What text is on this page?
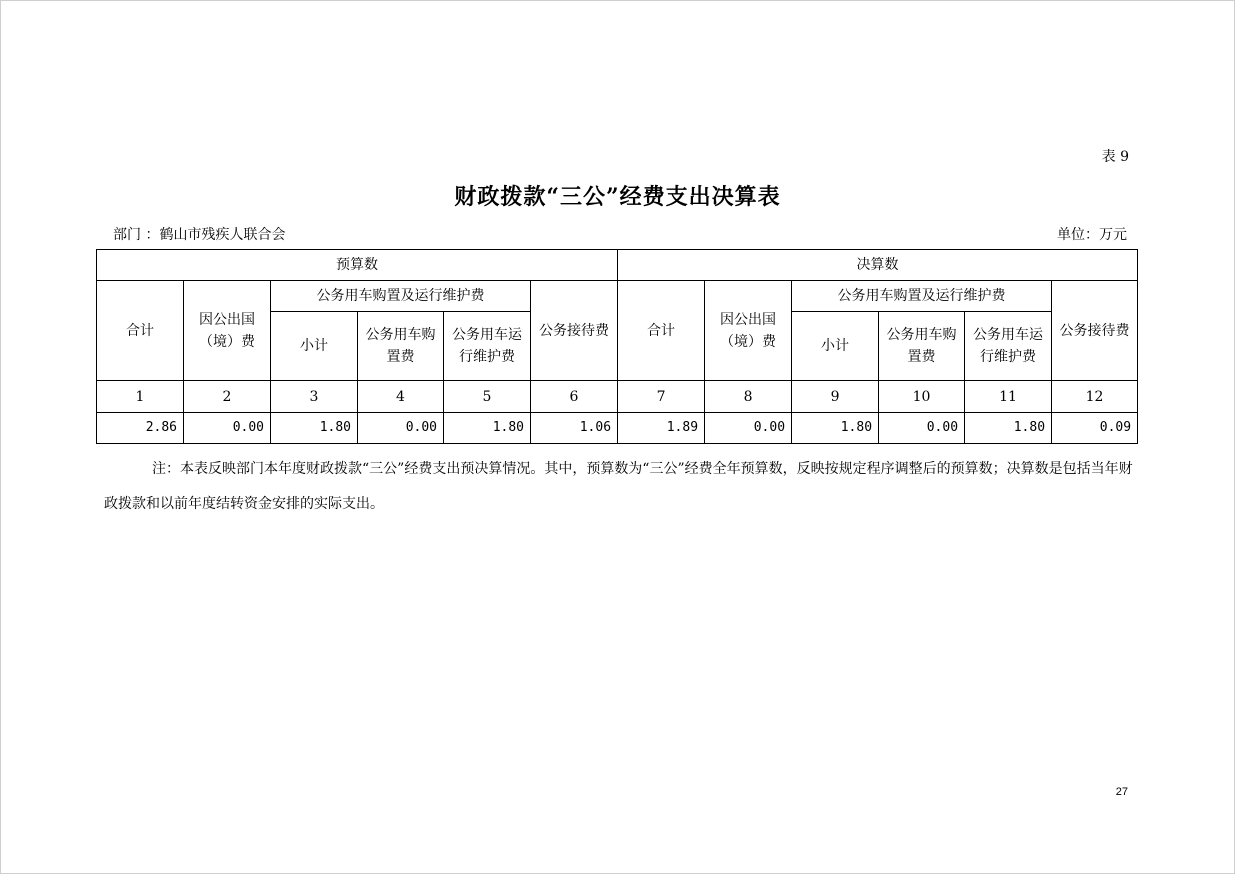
表 9
财政拨款“三公”经费支出决算表
部门 ：鹤山市残疾人联合会	单位：万元
预算数						决算数					
合计	因公出国（境）费	公务用车购置及运行维护费			公务接待费	合计	因公出国（境）费	公务用车购置及运行维护费			公务接待费
		小计	公务用车购置费	公务用车运行维护费				小计	公务用车购置费	公务用车运行维护费	
1	2	3	4	5	6	7	8	9	10	11	12
2.86	0.00	1.80	0.00	1.80	1.06	1.89	0.00	1.80	0.00	1.80	0.09
注：本表反映部门本年度财政拨款“三公”经费支出预决算情况。其中，预算数为“三公”经费全年预算数，反映按规定程序调整后的预算数；决算数是包括当年财政拨款和以前年度结转资金安排的实际支出。
27
